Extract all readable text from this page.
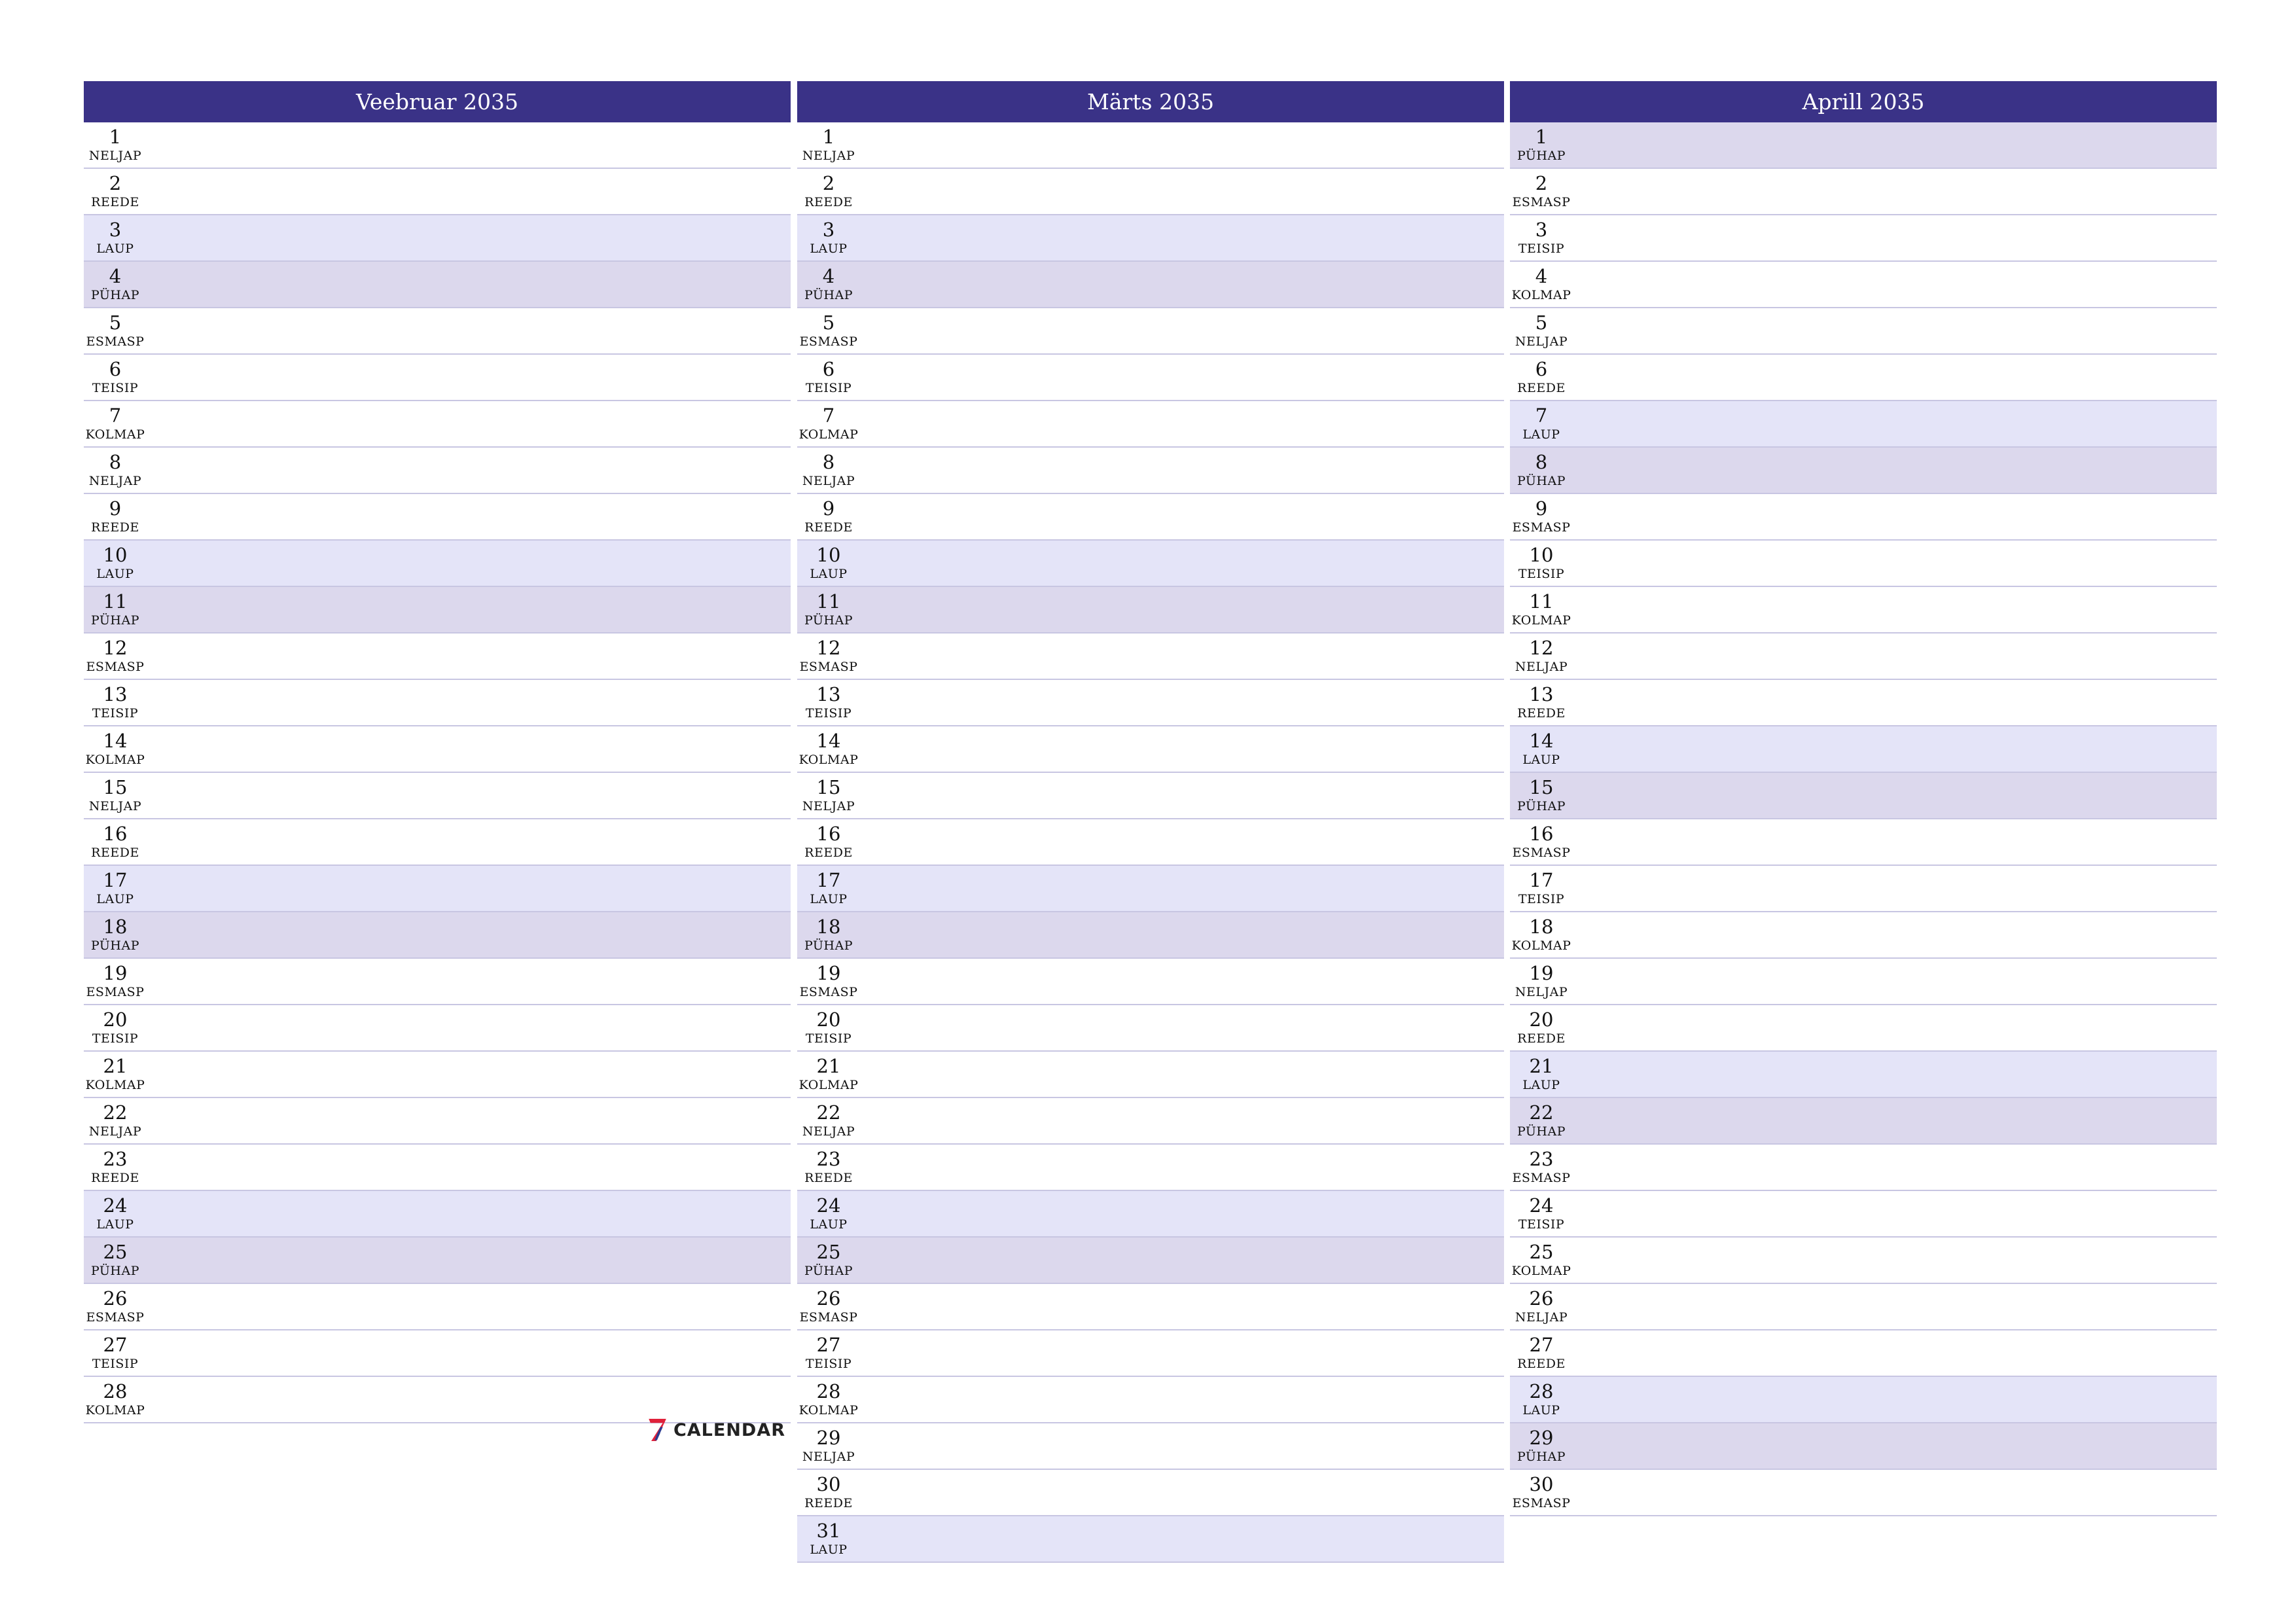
Veebruar 2035
1
NELJAP
2
REEDE
3
LAUP
4
PÜHAP
5
ESMASP
6
TEISIP
7
KOLMAP
8
NELJAP
9
REEDE
10
LAUP
11
PÜHAP
12
ESMASP
13
TEISIP
14
KOLMAP
15
NELJAP
16
REEDE
17
LAUP
18
PÜHAP
19
ESMASP
20
TEISIP
21
KOLMAP
22
NELJAP
23
REEDE
24
LAUP
25
PÜHAP
26
ESMASP
27
TEISIP
28
KOLMAP
Märts 2035
1
NELJAP
2
REEDE
3
LAUP
4
PÜHAP
5
ESMASP
6
TEISIP
7
KOLMAP
8
NELJAP
9
REEDE
10
LAUP
11
PÜHAP
12
ESMASP
13
TEISIP
14
KOLMAP
15
NELJAP
16
REEDE
17
LAUP
18
PÜHAP
19
ESMASP
20
TEISIP
21
KOLMAP
22
NELJAP
23
REEDE
24
LAUP
25
PÜHAP
26
ESMASP
27
TEISIP
28
KOLMAP
29
NELJAP
30
REEDE
31
LAUP
Aprill 2035
1
PÜHAP
2
ESMASP
3
TEISIP
4
KOLMAP
5
NELJAP
6
REEDE
7
LAUP
8
PÜHAP
9
ESMASP
10
TEISIP
11
KOLMAP
12
NELJAP
13
REEDE
14
LAUP
15
PÜHAP
16
ESMASP
17
TEISIP
18
KOLMAP
19
NELJAP
20
REEDE
21
LAUP
22
PÜHAP
23
ESMASP
24
TEISIP
25
KOLMAP
26
NELJAP
27
REEDE
28
LAUP
29
PÜHAP
30
ESMASP
CALENDAR
